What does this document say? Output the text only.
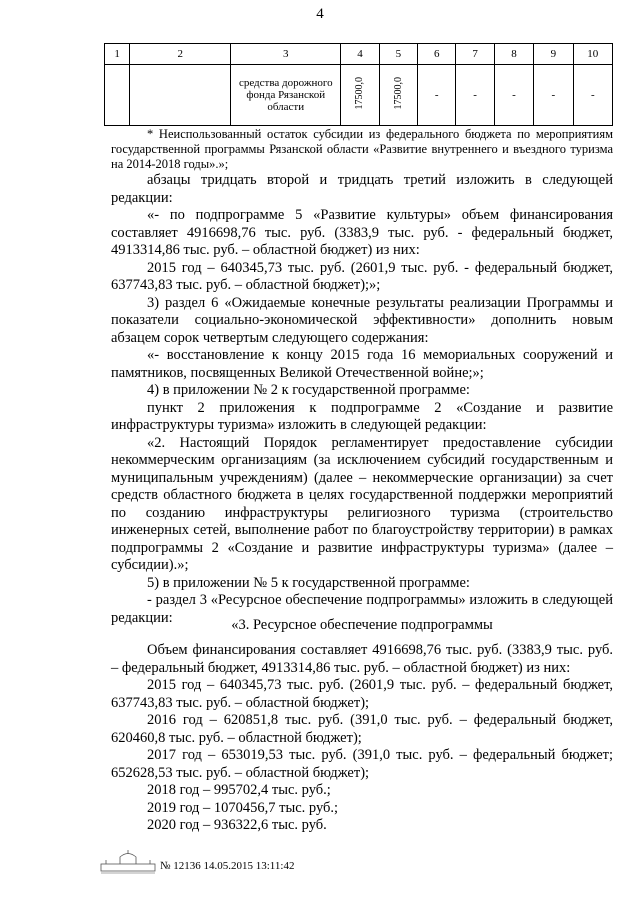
4
1	2	3	4	5	6	7	8	9	10
		средства дорожного фонда Рязанской области	17500,0	17500,0	-	-	-	-	-

* Неиспользованный остаток субсидии из федерального бюджета по мероприятиям государственной программы Рязанской области «Развитие внутреннего и въездного туризма на 2014-2018 годы».»;

абзацы тридцать второй и тридцать третий изложить в следующей редакции:

«- по подпрограмме 5 «Развитие культуры» объем финансирования составляет 4916698,76 тыс. руб. (3383,9 тыс. руб. - федеральный бюджет, 4913314,86 тыс. руб. – областной бюджет) из них:

2015 год – 640345,73 тыс. руб. (2601,9 тыс. руб. - федеральный бюджет, 637743,83 тыс. руб. – областной бюджет);»;

3) раздел 6 «Ожидаемые конечные результаты реализации Программы и показатели социально-экономической эффективности» дополнить новым абзацем сорок четвертым следующего содержания:

«- восстановление к концу 2015 года 16 мемориальных сооружений и памятников, посвященных Великой Отечественной войне;»;

4) в приложении № 2 к государственной программе:

пункт 2 приложения к подпрограмме 2 «Создание и развитие инфраструктуры туризма» изложить в следующей редакции:

«2. Настоящий Порядок регламентирует предоставление субсидии некоммерческим организациям (за исключением субсидий государственным и муниципальным учреждениям) (далее – некоммерческие организации) за счет средств областного бюджета в целях государственной поддержки мероприятий по созданию инфраструктуры религиозного туризма (строительство инженерных сетей, выполнение работ по благоустройству территории) в рамках подпрограммы 2 «Создание и развитие инфраструктуры туризма» (далее – субсидии).»;

5) в приложении № 5 к государственной программе:

- раздел 3 «Ресурсное обеспечение подпрограммы» изложить в следующей редакции:	«3. Ресурсное обеспечение подпрограммы

Объем финансирования составляет 4916698,76 тыс. руб. (3383,9 тыс. руб. – федеральный бюджет, 4913314,86 тыс. руб. – областной бюджет) из них:

2015 год – 640345,73 тыс. руб. (2601,9 тыс. руб. – федеральный бюджет, 637743,83 тыс. руб. – областной бюджет);

2016 год – 620851,8 тыс. руб. (391,0 тыс. руб. – федеральный бюджет, 620460,8 тыс. руб. – областной бюджет);

2017 год – 653019,53 тыс. руб. (391,0 тыс. руб. – федеральный бюджет; 652628,53 тыс. руб. – областной бюджет);

2018 год – 995702,4 тыс. руб.;

2019 год – 1070456,7 тыс. руб.;

2020 год – 936322,6 тыс. руб.

№ 12136 14.05.2015 13:11:42
